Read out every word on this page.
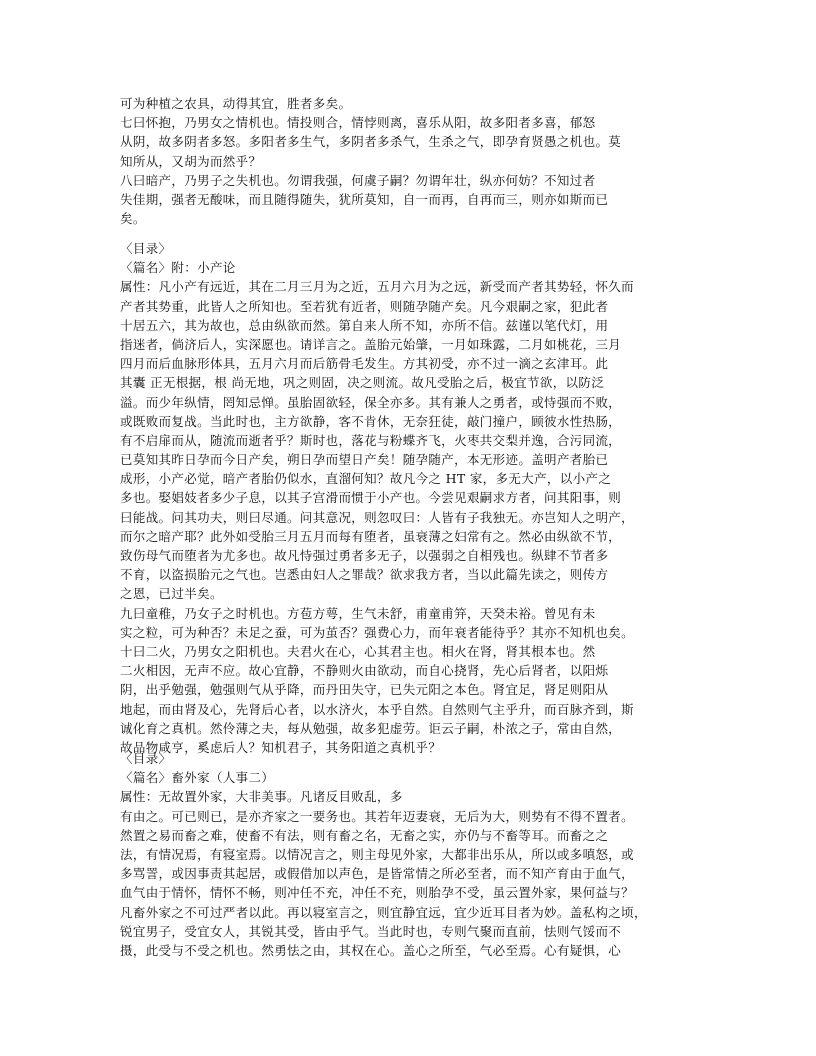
可为种植之农具，动得其宜，胜者多矣。
七曰怀抱，乃男女之情机也。情投则合，情悖则离，喜乐从阳，故多阳者多喜，郁怒
从阴，故多阴者多怒。多阳者多生气，多阴者多杀气，生杀之气，即孕育贤愚之机也。莫
知所从，又胡为而然乎？
八曰暗产，乃男子之失机也。勿谓我强，何虞子嗣？勿谓年壮，纵亦何妨？不知过者
失佳期，强者无酸味，而且随得随失，犹所莫知，自一而再，自再而三，则亦如斯而已
矣。
〈目录〉
〈篇名〉附：小产论
属性：凡小产有远近，其在二月三月为之近，五月六月为之远，新受而产者其势轻，怀久而
产者其势重，此皆人之所知也。至若犹有近者，则随孕随产矣。凡今艰嗣之家，犯此者
十居五六，其为故也，总由纵欲而然。第自来人所不知，亦所不信。兹谨以笔代灯，用
指迷者，倘济后人，实深愿也。请详言之。盖胎元始肇，一月如珠露，二月如桃花，三月
四月而后血脉形体具，五月六月而后筋骨毛发生。方其初受，亦不过一滴之玄津耳。此
其囊 正无根据，根 尚无地，巩之则固，决之则流。故凡受胎之后，极宜节欲，以防泛
溢。而少年纵情，罔知忌惮。虽胎固欲轻，保全亦多。其有兼人之勇者，或恃强而不败，
或既败而复战。当此时也，主方欲静，客不肯休，无奈狂徒，敲门撞户，顾彼水性热肠，
有不启扉而从，随流而逝者乎？斯时也，落花与粉蝶齐飞，火枣共交梨并逸，合污同流，
已莫知其昨日孕而今日产矣，朔日孕而望日产矣！随孕随产，本无形迹。盖明产者胎已
成形，小产必觉，暗产者胎仍似水，直溜何知？故凡今之 HT 家，多无大产，以小产之
多也。娶娼妓者多少子息，以其子宫滑而惯于小产也。今尝见艰嗣求方者，问其阳事，则
曰能战。问其功夫，则曰尽通。问其意况，则忽叹曰：人皆有子我独无。亦岂知人之明产，
而尔之暗产耶？此外如受胎三月五月而每有堕者，虽衰薄之妇常有之。然必由纵欲不节，
致伤母气而堕者为尤多也。故凡恃强过勇者多无子，以强弱之自相残也。纵肆不节者多
不育，以盗损胎元之气也。岂悉由妇人之罪哉？欲求我方者，当以此篇先读之，则传方
之恩，已过半矣。
九曰童稚，乃女子之时机也。方苞方萼，生气未舒，甫童甫笄，天癸未裕。曾见有未
实之粒，可为种否？未足之蚕，可为茧否？强费心力，而年衰者能待乎？其亦不知机也矣。
十曰二火，乃男女之阳机也。夫君火在心，心其君主也。相火在肾，肾其根本也。然
二火相因，无声不应。故心宜静，不静则火由欲动，而自心挠肾，先心后肾者，以阳烁
阴，出乎勉强，勉强则气从乎降，而丹田失守，已失元阳之本色。肾宜足，肾足则阳从
地起，而由肾及心，先肾后心者，以水济火，本乎自然。自然则气主乎升，而百脉齐到，斯
诚化育之真机。然伶薄之夫，每从勉强，故多犯虚劳。讵云子嗣，朴浓之子，常由自然，
故品物咸亨，奚虑后人？知机君子，其务阳道之真机乎？
〈目录〉
〈篇名〉畜外家（人事二）
属性：无故置外家，大非美事。凡诸反目败乱，多
有由之。可已则已，是亦齐家之一要务也。其若年迈妻衰，无后为大，则势有不得不置者。
然置之易而畜之难，使畜不有法，则有畜之名，无畜之实，亦仍与不畜等耳。而畜之之
法，有情况焉，有寝室焉。以情况言之，则主母见外家，大都非出乐从，所以或多嗔怒，或
多骂詈，或因事责其起居，或假借加以声色，是皆常情之所必至者，而不知产育由于血气，
血气由于情怀，情怀不畅，则冲任不充，冲任不充，则胎孕不受，虽云置外家，果何益与？
凡畜外家之不可过严者以此。再以寝室言之，则宜静宜远，宜少近耳目者为妙。盖私构之顷，
锐宜男子，受宜女人，其锐其受，皆由乎气。当此时也，专则气聚而直前，怯则气馁而不
摄，此受与不受之机也。然勇怯之由，其权在心。盖心之所至，气必至焉。心有疑惧，心
